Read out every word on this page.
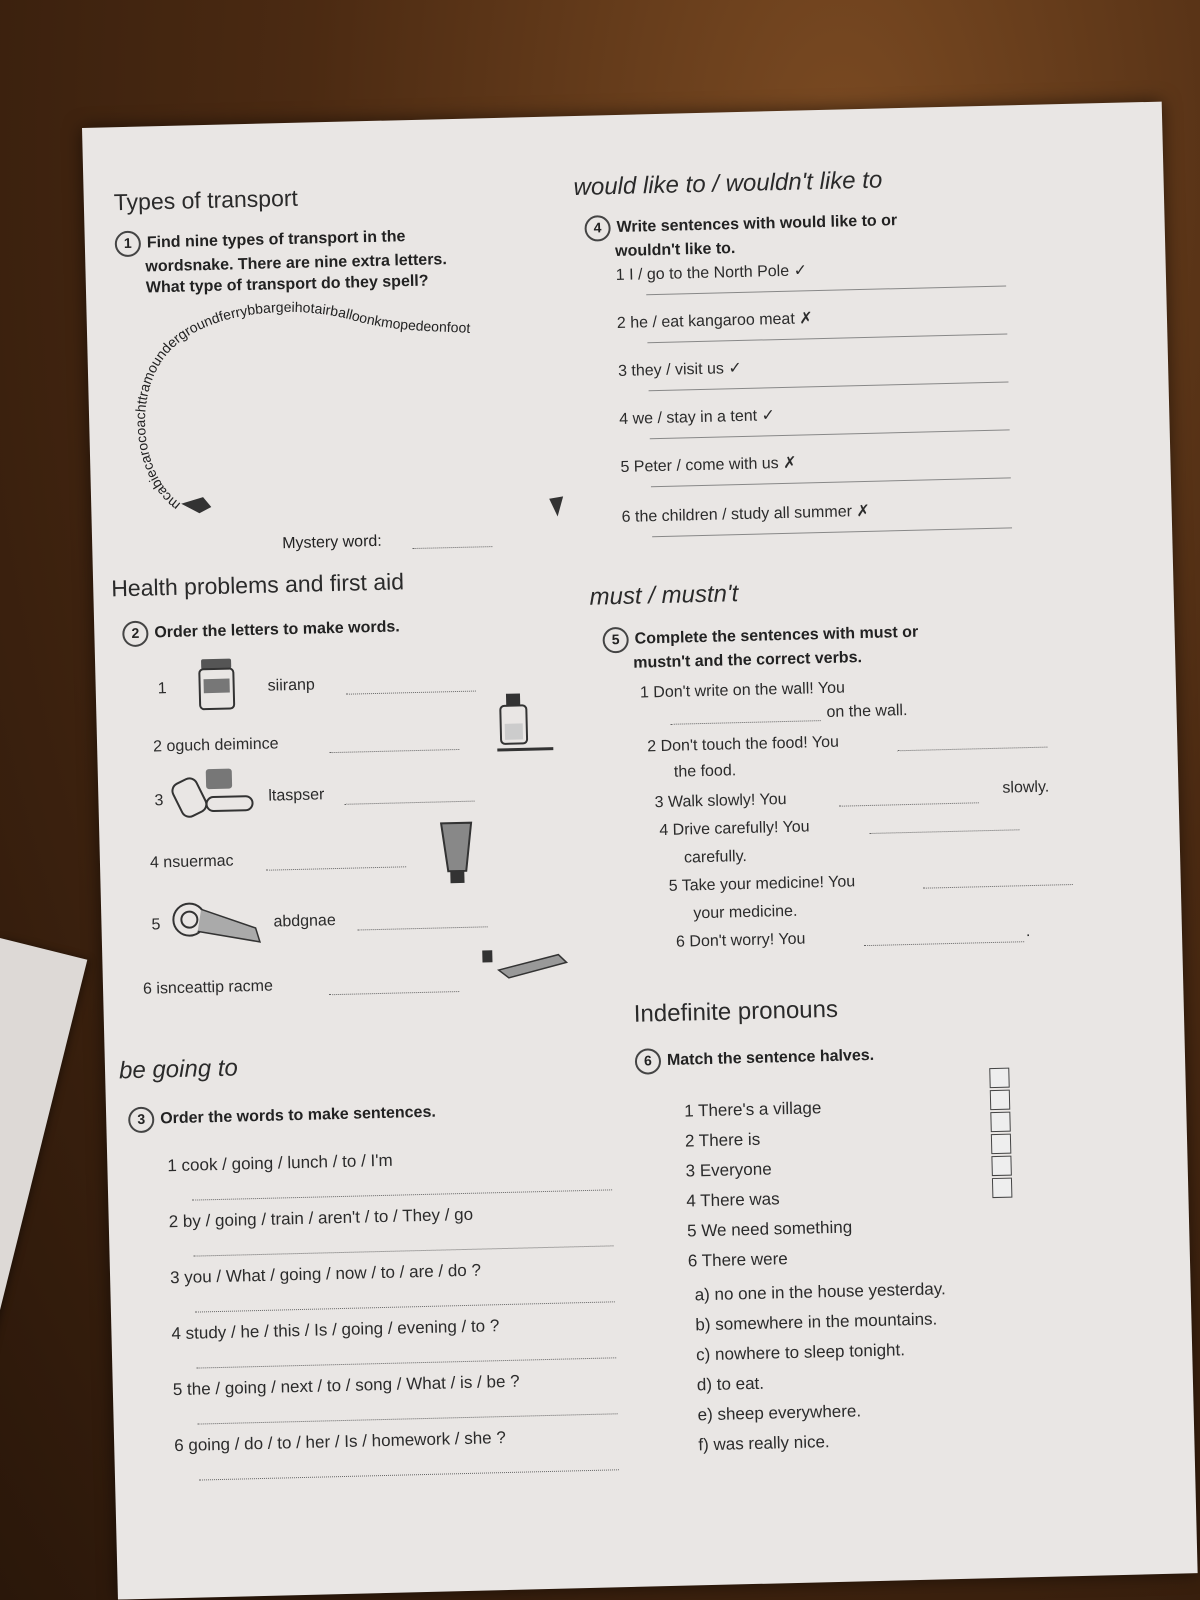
Types of transport
1 Find nine types of transport in the
wordsnake. There are nine extra letters.
What type of transport do they spell?
mcabiecarocoachttramoundergroundferrybbargeihotairballoonkmopedeonfoot
Mystery word:
would like to / wouldn't like to
4 Write sentences with would like to or
wouldn't like to.
1 I / go to the North Pole ✓
2 he / eat kangaroo meat ✗
3 they / visit us ✓
4 we / stay in a tent ✓
5 Peter / come with us ✗
6 the children / study all summer ✗
Health problems and first aid
2 Order the letters to make words.
1	siiranp
2 oguch deimince
3	ltaspser
4 nsuermac
5	abdgnae
6 isnceattip racme
must / mustn't
5 Complete the sentences with must or
mustn't and the correct verbs.
1 Don't write on the wall! You
on the wall.
2 Don't touch the food! You
the food.
3 Walk slowly! You
slowly.
4 Drive carefully! You
carefully.
5 Take your medicine! You
your medicine.
6 Don't worry! You	.
be going to
3 Order the words to make sentences.
1 cook / going / lunch / to / I'm
2 by / going / train / aren't / to / They / go
3 you / What / going / now / to / are / do ?
4 study / he / this / Is / going / evening / to ?
5 the / going / next / to / song / What / is / be ?
6 going / do / to / her / Is / homework / she ?
Indefinite pronouns
6 Match the sentence halves.
1 There's a village
2 There is
3 Everyone
4 There was
5 We need something
6 There were
a) no one in the house yesterday.
b) somewhere in the mountains.
c) nowhere to sleep tonight.
d) to eat.
e) sheep everywhere.
f) was really nice.
